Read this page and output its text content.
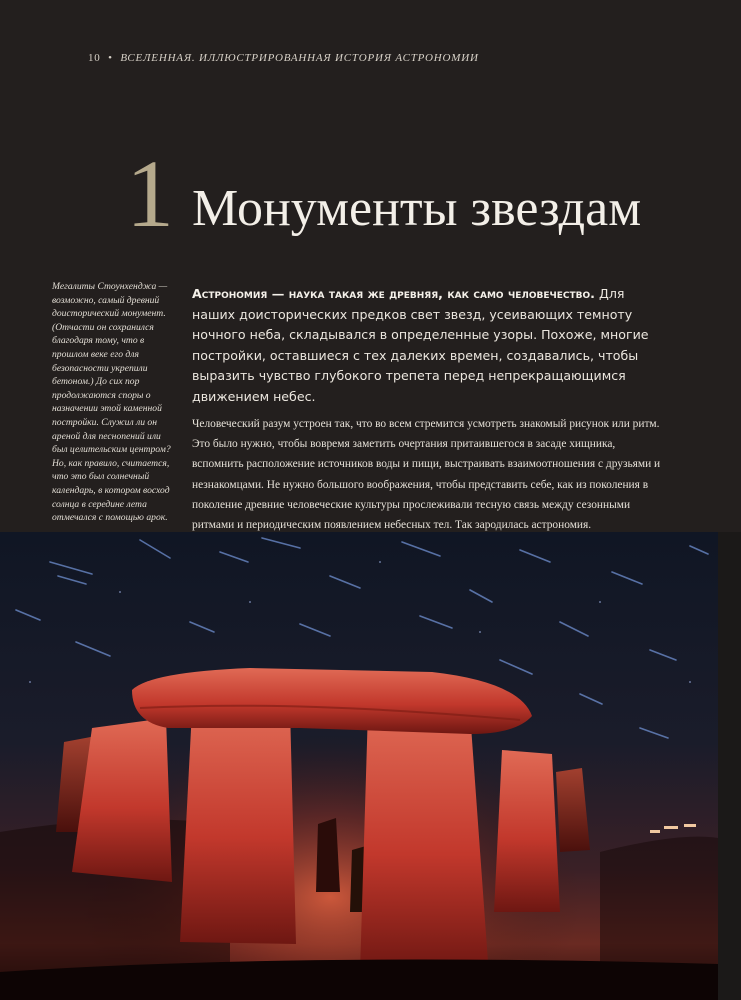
10 • ВСЕЛЕННАЯ. ИЛЛЮСТРИРОВАННАЯ ИСТОРИЯ АСТРОНОМИИ
1 Монументы звездам
Мегалиты Стоунхенджа — возможно, самый древний доисторический монумент. (Отчасти он сохранился благодаря тому, что в прошлом веке его для безопасности укрепили бетоном.) До сих пор продолжаются споры о назначении этой каменной постройки. Служил ли он ареной для песнопений или был целительским центром? Но, как правило, считается, что это был солнечный календарь, в котором восход солнца в середине лета отмечался с помощью арок.
Астрономия — наука такая же древняя, как само человечество. Для наших доисторических предков свет звезд, усеивающих темноту ночного неба, складывался в определенные узоры. Похоже, многие постройки, оставшиеся с тех далеких времен, создавались, чтобы выразить чувство глубокого трепета перед непрекращающимся движением небес.
Человеческий разум устроен так, что во всем стремится усмотреть знакомый рисунок или ритм. Это было нужно, чтобы вовремя заметить очертания притаившегося в засаде хищника, вспомнить расположение источников воды и пищи, выстраивать взаимоотношения с друзьями и незнакомцами. Не нужно большого воображения, чтобы представить себе, как из поколения в поколение древние человеческие культуры прослеживали тесную связь между сезонными ритмами и периодическим появлением небесных тел. Так зародилась астрономия.
